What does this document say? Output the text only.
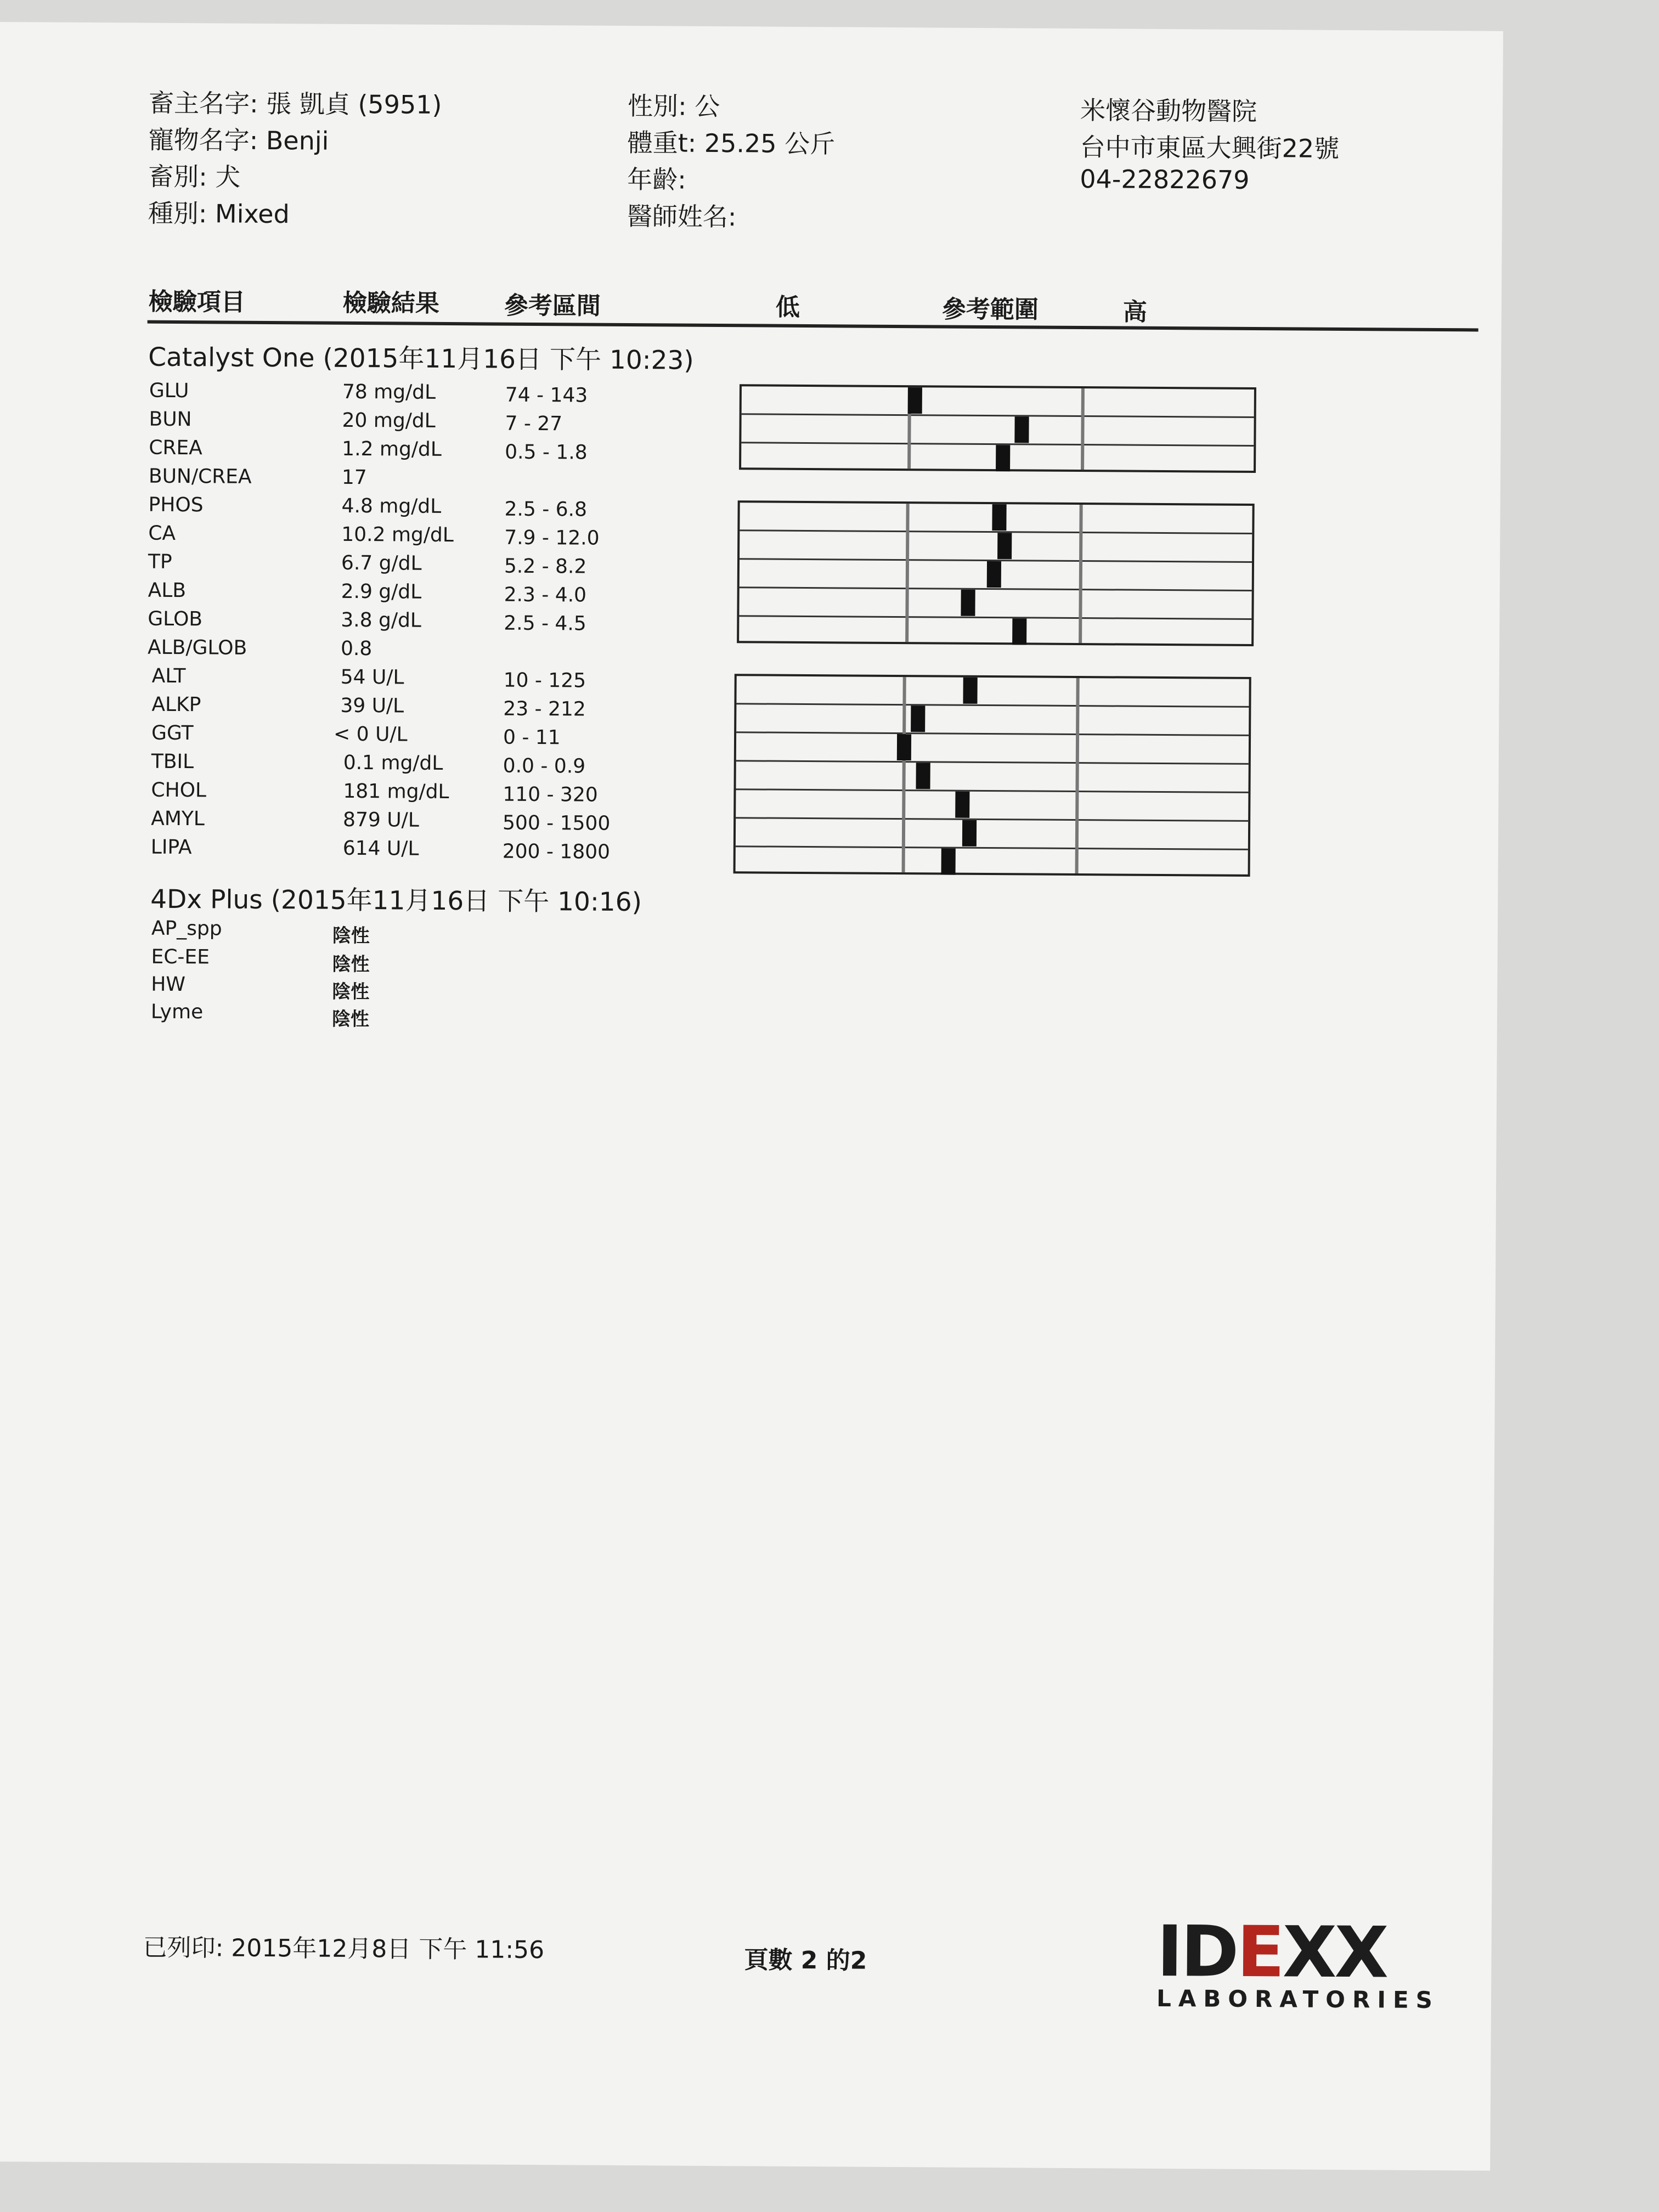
畜主名字: 張 凱貞 (5951)
寵物名字: Benji
畜別: 犬
種別: Mixed
性別: 公
體重t: 25.25 公斤
年齡:
醫師姓名:
米懷谷動物醫院
台中市東區大興街22號
04-22822679
檢驗項目	檢驗結果	參考區間	低	參考範圍	高
Catalyst One (2015年11月16日 下午 10:23)
GLU	78 mg/dL	74 - 143
BUN	20 mg/dL	7 - 27
CREA	1.2 mg/dL	0.5 - 1.8
BUN/CREA	17
PHOS	4.8 mg/dL	2.5 - 6.8
CA	10.2 mg/dL	7.9 - 12.0
TP	6.7 g/dL	5.2 - 8.2
ALB	2.9 g/dL	2.3 - 4.0
GLOB	3.8 g/dL	2.5 - 4.5
ALB/GLOB	0.8
ALT	54 U/L	10 - 125
ALKP	39 U/L	23 - 212
GGT	< 0 U/L	0 - 11
TBIL	0.1 mg/dL	0.0 - 0.9
CHOL	181 mg/dL	110 - 320
AMYL	879 U/L	500 - 1500
LIPA	614 U/L	200 - 1800
4Dx Plus (2015年11月16日 下午 10:16)
AP_spp	陰性
EC-EE	陰性
HW	陰性
Lyme	陰性
已列印: 2015年12月8日 下午 11:56	頁數 2 的2	IDEXX
LABORATORIES
